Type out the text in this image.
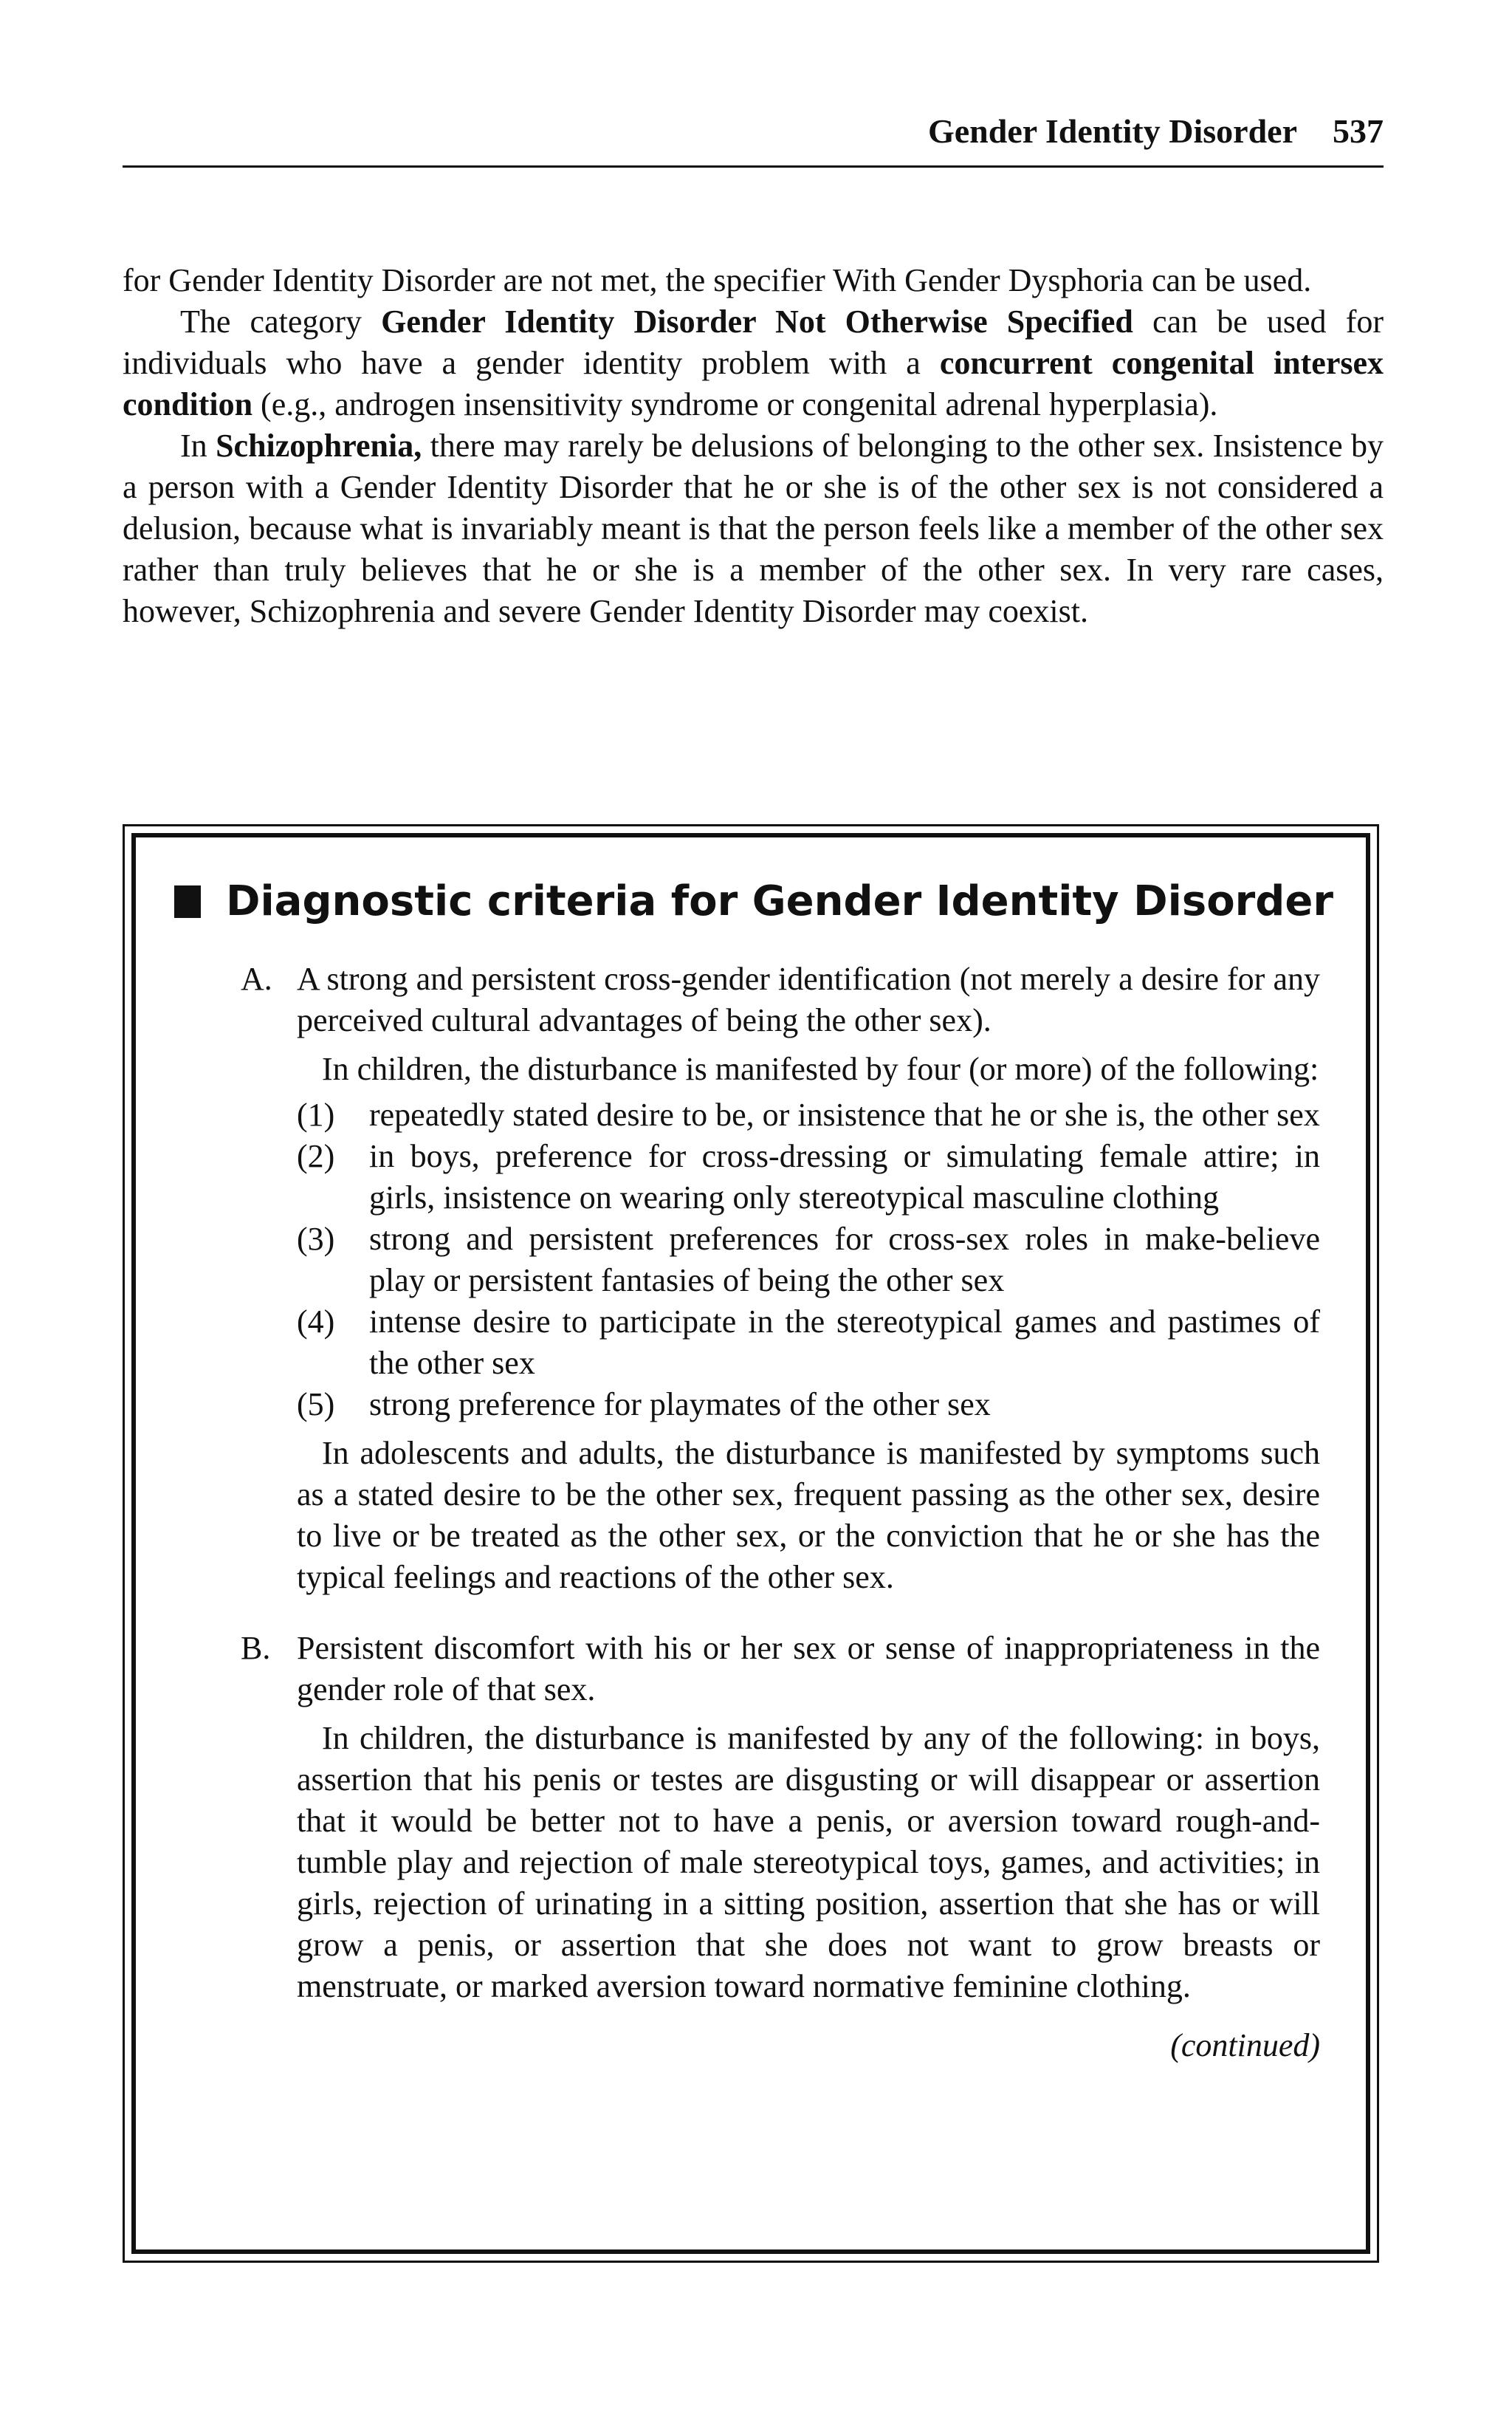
Gender Identity Disorder 537

for Gender Identity Disorder are not met, the specifier With Gender Dysphoria can be used.

The category Gender Identity Disorder Not Otherwise Specified can be used for individuals who have a gender identity problem with a concurrent congenital intersex condition (e.g., androgen insensitivity syndrome or congenital adrenal hyperplasia).

In Schizophrenia, there may rarely be delusions of belonging to the other sex. Insistence by a person with a Gender Identity Disorder that he or she is of the other sex is not considered a delusion, because what is invariably meant is that the person feels like a member of the other sex rather than truly believes that he or she is a member of the other sex. In very rare cases, however, Schizophrenia and severe Gender Identity Disorder may coexist.

Diagnostic criteria for Gender Identity Disorder
A. A strong and persistent cross-gender identification (not merely a desire for any perceived cultural advantages of being the other sex).

In children, the disturbance is manifested by four (or more) of the following:

(1) repeatedly stated desire to be, or insistence that he or she is, the other sex
(2) in boys, preference for cross-dressing or simulating female attire; in girls, insistence on wearing only stereotypical masculine clothing
(3) strong and persistent preferences for cross-sex roles in make-believe play or persistent fantasies of being the other sex
(4) intense desire to participate in the stereotypical games and pastimes of the other sex
(5) strong preference for playmates of the other sex

In adolescents and adults, the disturbance is manifested by symptoms such as a stated desire to be the other sex, frequent passing as the other sex, desire to live or be treated as the other sex, or the conviction that he or she has the typical feelings and reactions of the other sex.

B. Persistent discomfort with his or her sex or sense of inappropriateness in the gender role of that sex.

In children, the disturbance is manifested by any of the following: in boys, assertion that his penis or testes are disgusting or will disappear or assertion that it would be better not to have a penis, or aversion toward rough-and-tumble play and rejection of male stereotypical toys, games, and activities; in girls, rejection of urinating in a sitting position, assertion that she has or will grow a penis, or assertion that she does not want to grow breasts or menstruate, or marked aversion toward normative feminine clothing.

(continued)
